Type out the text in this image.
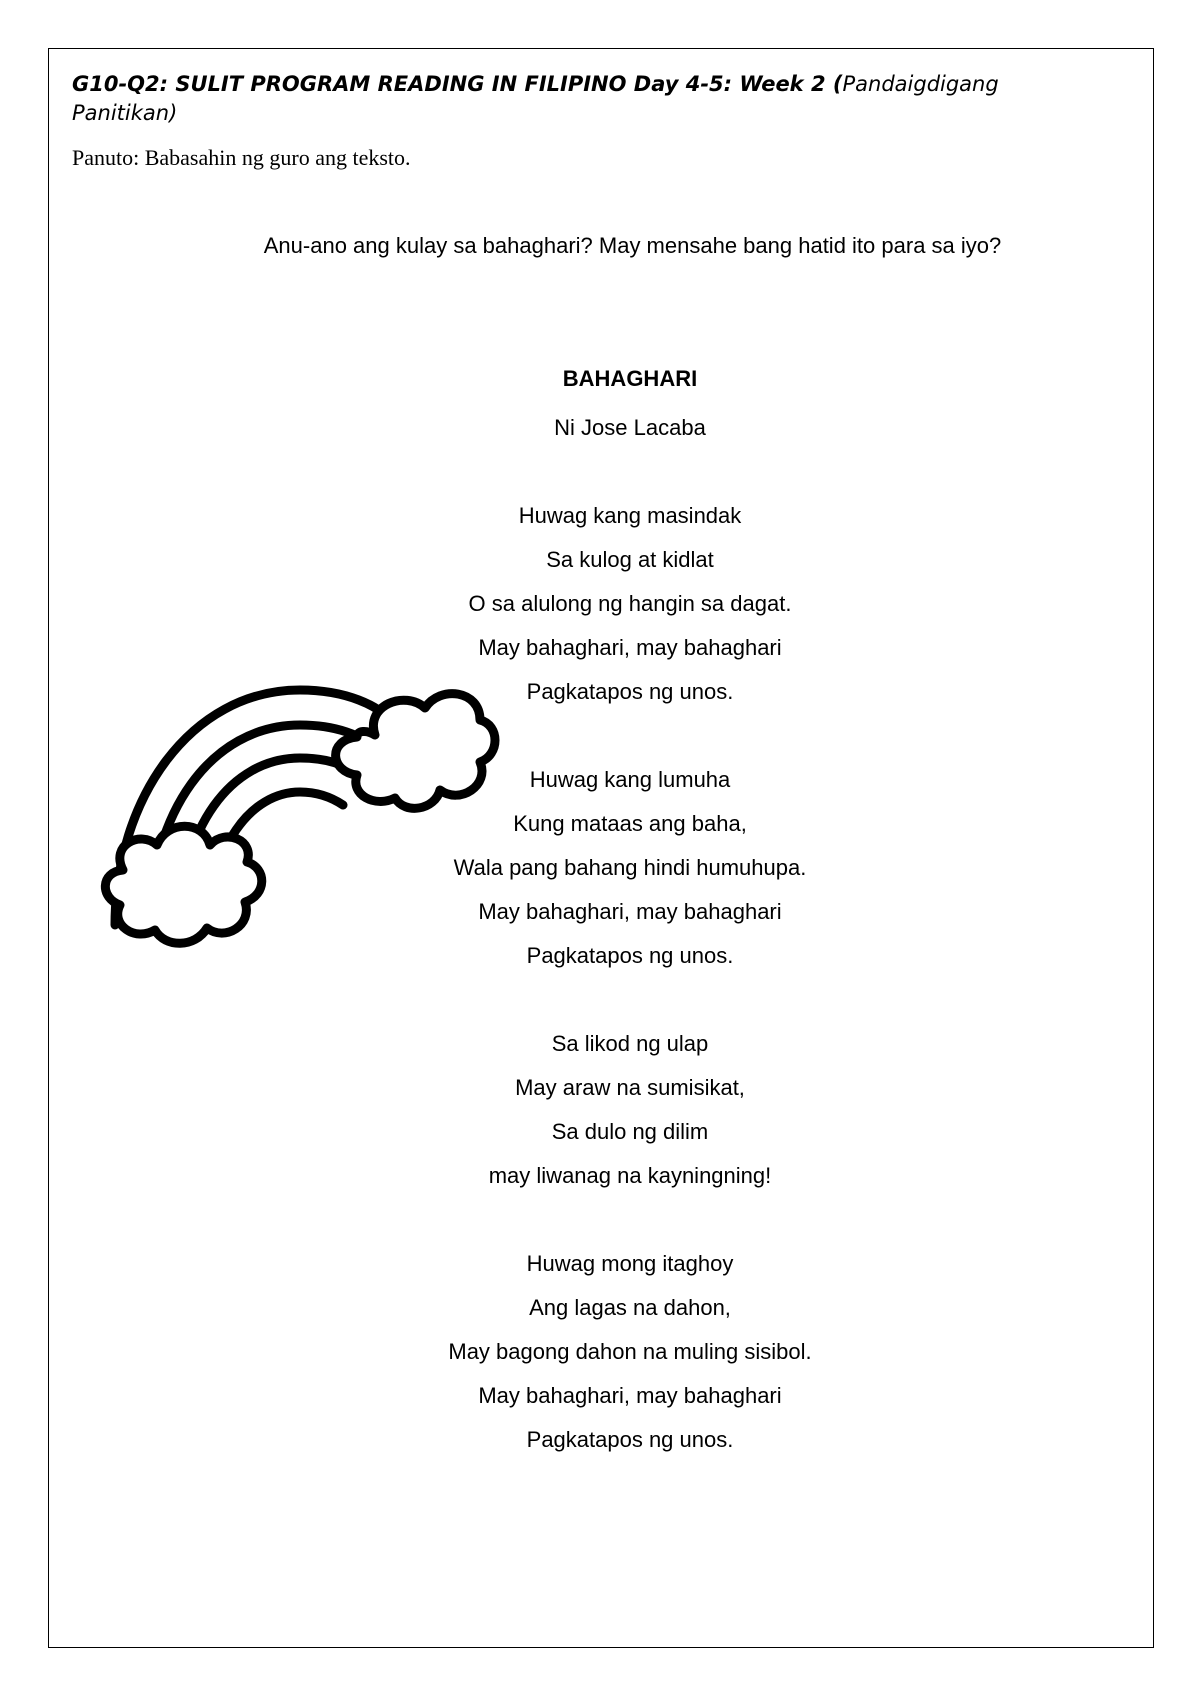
G10-Q2: SULIT PROGRAM READING IN FILIPINO Day 4-5: Week 2 (Pandaigdigang Panitikan)

Panuto: Babasahin ng guro ang teksto.

Anu-ano ang kulay sa bahaghari? May mensahe bang hatid ito para sa iyo?

BAHAGHARI

Ni Jose Lacaba

Huwag kang masindak

Sa kulog at kidlat

O sa alulong ng hangin sa dagat.

May bahaghari, may bahaghari

Pagkatapos ng unos.

Huwag kang lumuha

Kung mataas ang baha,

Wala pang bahang hindi humuhupa.

May bahaghari, may bahaghari

Pagkatapos ng unos.

Sa likod ng ulap

May araw na sumisikat,

Sa dulo ng dilim

may liwanag na kayningning!

Huwag mong itaghoy

Ang lagas na dahon,

May bagong dahon na muling sisibol.

May bahaghari, may bahaghari

Pagkatapos ng unos.
